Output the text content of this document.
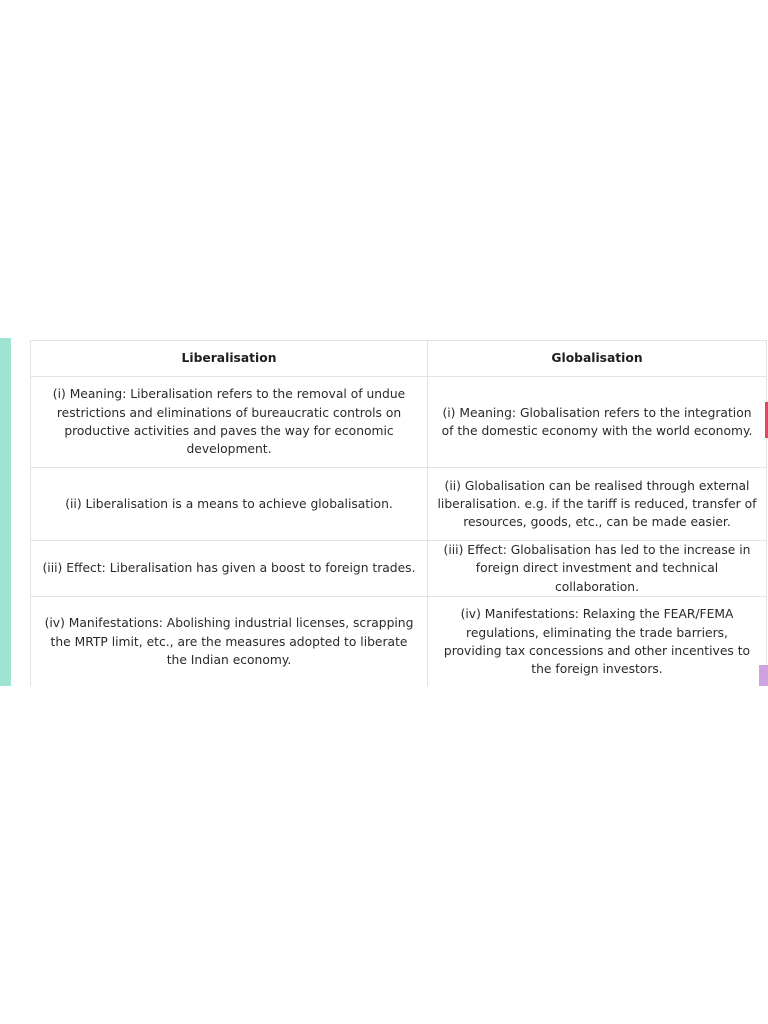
Liberalisation	Globalisation
(i) Meaning: Liberalisation refers to the removal of undue restrictions and eliminations of bureaucratic controls on productive activities and paves the way for economic development.	(i) Meaning: Globalisation refers to the integration of the domestic economy with the world economy.
(ii) Liberalisation is a means to achieve globalisation.	(ii) Globalisation can be realised through external liberalisation. e.g. if the tariff is reduced, transfer of resources, goods, etc., can be made easier.
(iii) Effect: Liberalisation has given a boost to foreign trades.	(iii) Effect: Globalisation has led to the increase in foreign direct investment and technical collaboration.
(iv) Manifestations: Abolishing industrial licenses, scrapping the MRTP limit, etc., are the measures adopted to liberate the Indian economy.	(iv) Manifestations: Relaxing the FEAR/FEMA regulations, eliminating the trade barriers, providing tax concessions and other incentives to the foreign investors.
